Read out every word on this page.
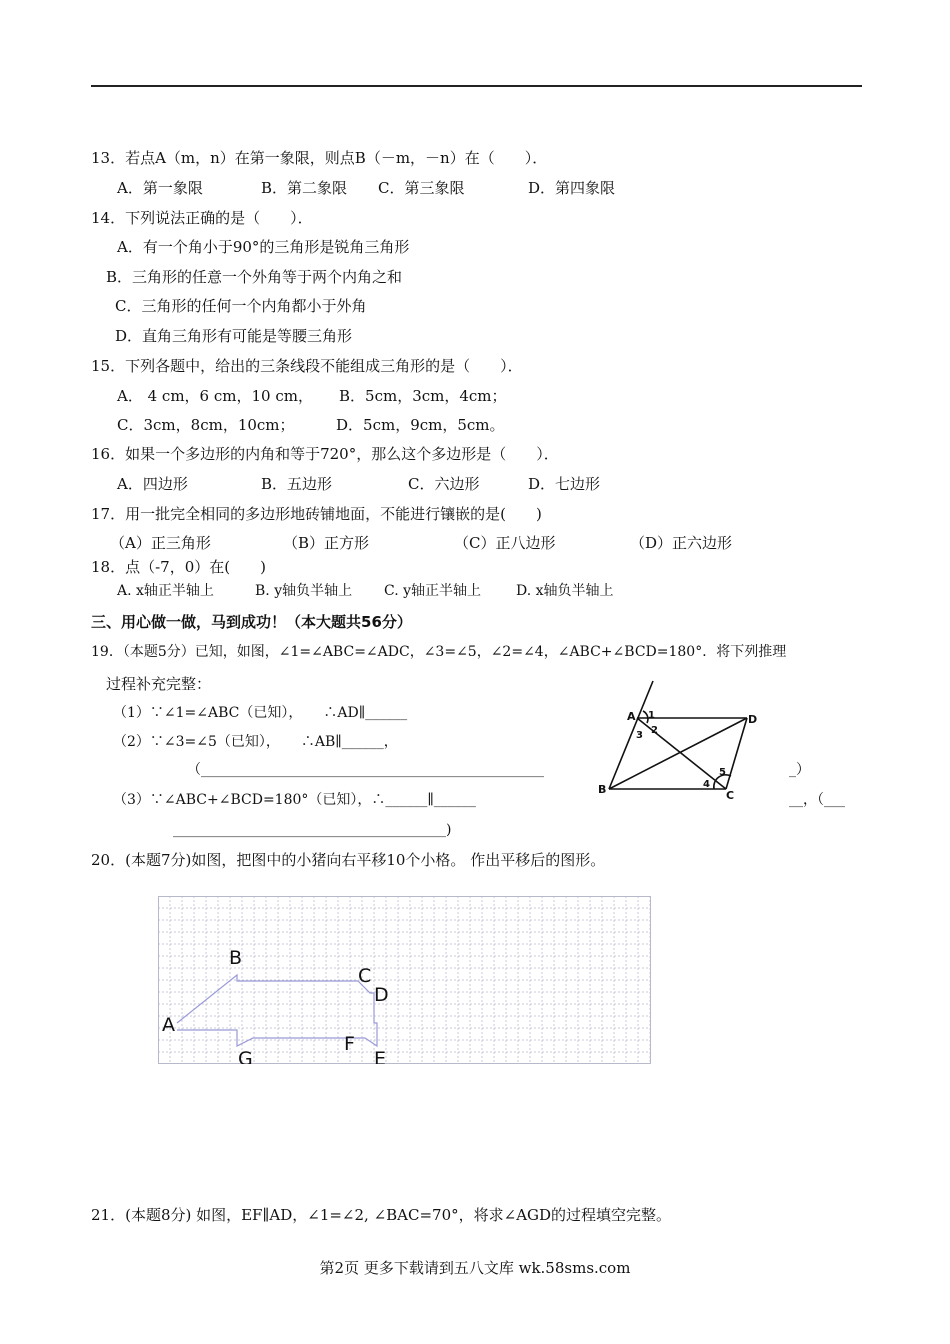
13．若点A（m，n）在第一象限，则点B（－m，－n）在（　　）．
A．第一象限	B．第二象限 C．第三象限	D．第四象限
14．下列说法正确的是（　　）．
A．有一个角小于90°的三角形是锐角三角形
B．三角形的任意一个外角等于两个内角之和
C．三角形的任何一个内角都小于外角
D．直角三角形有可能是等腰三角形
15．下列各题中，给出的三条线段不能组成三角形的是（　　）．
A． 4 cm，6 cm，10 cm， B．5cm，3cm，4cm；
C．3cm，8cm，10cm；	D．5cm，9cm，5cm。
16．如果一个多边形的内角和等于720°，那么这个多边形是（　　）．
A．四边形	B．五边形	C．六边形	D．七边形
17．用一批完全相同的多边形地砖铺地面，不能进行镶嵌的是(　　)
（A）正三角形	（B）正方形	（C）正八边形	（D）正六边形
18．点（-7，0）在(　　)
A. x轴正半轴上	B. y轴负半轴上 C. y轴正半轴上 D. x轴负半轴上
三、用心做一做，马到成功！（本大题共56分）
19．（本题5分）已知，如图，∠1=∠ABC=∠ADC，∠3=∠5，∠2=∠4，∠ABC+∠BCD=180°．将下列推理
过程补充完整：
（1）∵∠1=∠ABC（已知），　　∴AD∥______
（2）∵∠3=∠5（已知），　　∴AB∥______，
（_________________________________________________	_）
（3）∵∠ABC+∠BCD=180°（已知），∴______∥______	__，（___
_______________________________________)
A
B	C
D
1
2
3
4
5
20．(本题7分)如图，把图中的小猪向右平移10个小格。 作出平移后的图形。
A
B
C
D
E
F
G
21．(本题8分) 如图，EF∥AD，∠1=∠2, ∠BAC=70°，将求∠AGD的过程填空完整。
第2页 更多下载请到五八文库 wk.58sms.com
